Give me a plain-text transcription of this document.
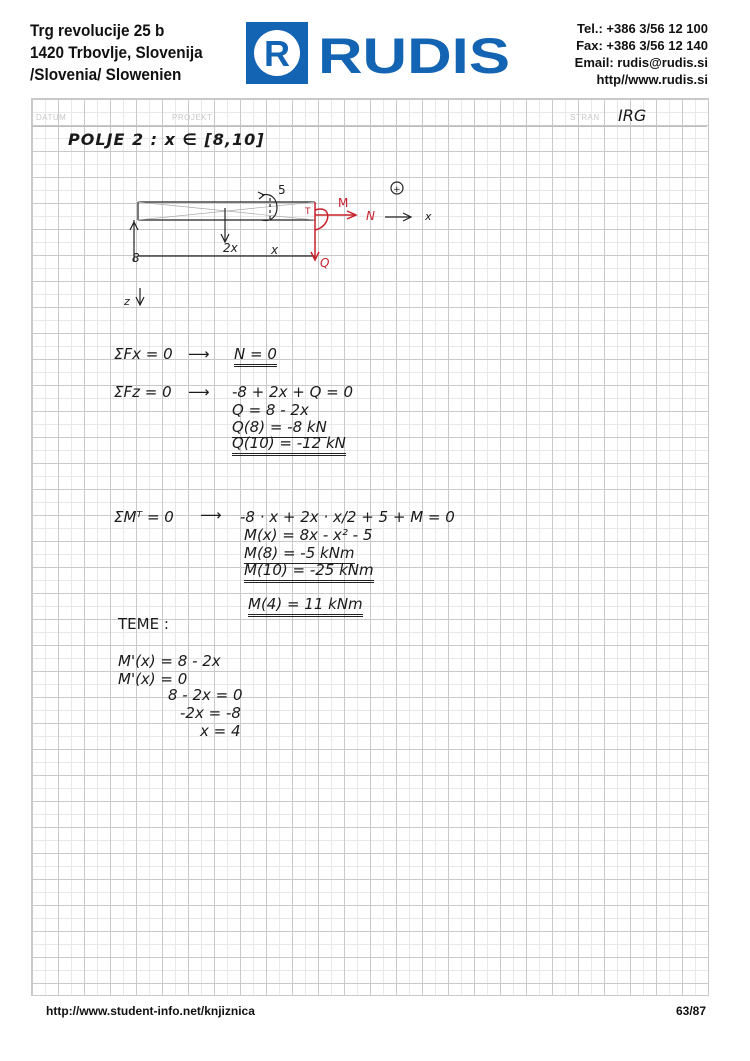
Trg revolucije 25 b
1420 Trbovlje, Slovenija
/Slovenia/ Slowenien
R RUDIS	Tel.: +386 3/56 12 100
Fax: +386 3/56 12 140
Email: rudis@rudis.si
http//www.rudis.si
DATUM	PROJEKT	STRAN IRG
POLJE 2 : x ∈ [8,10]
5	+
8
2x	x
x
z
M
N
Q
T
ΣFx = 0 ⟶ N = 0
ΣFz = 0 ⟶ -8 + 2x + Q = 0
Q = 8 - 2x
Q(8) = -8 kN
Q(10) = -12 kN
ΣMᵀ = 0 ⟶ -8 · x + 2x · x/2 + 5 + M = 0
M(x) = 8x - x² - 5
M(8) = -5 kNm
M(10) = -25 kNm
M(4) = 11 kNm
TEME :
M'(x) = 8 - 2x
M'(x) = 0
8 - 2x = 0
-2x = -8
x = 4
http://www.student-info.net/knjiznica	63/87
